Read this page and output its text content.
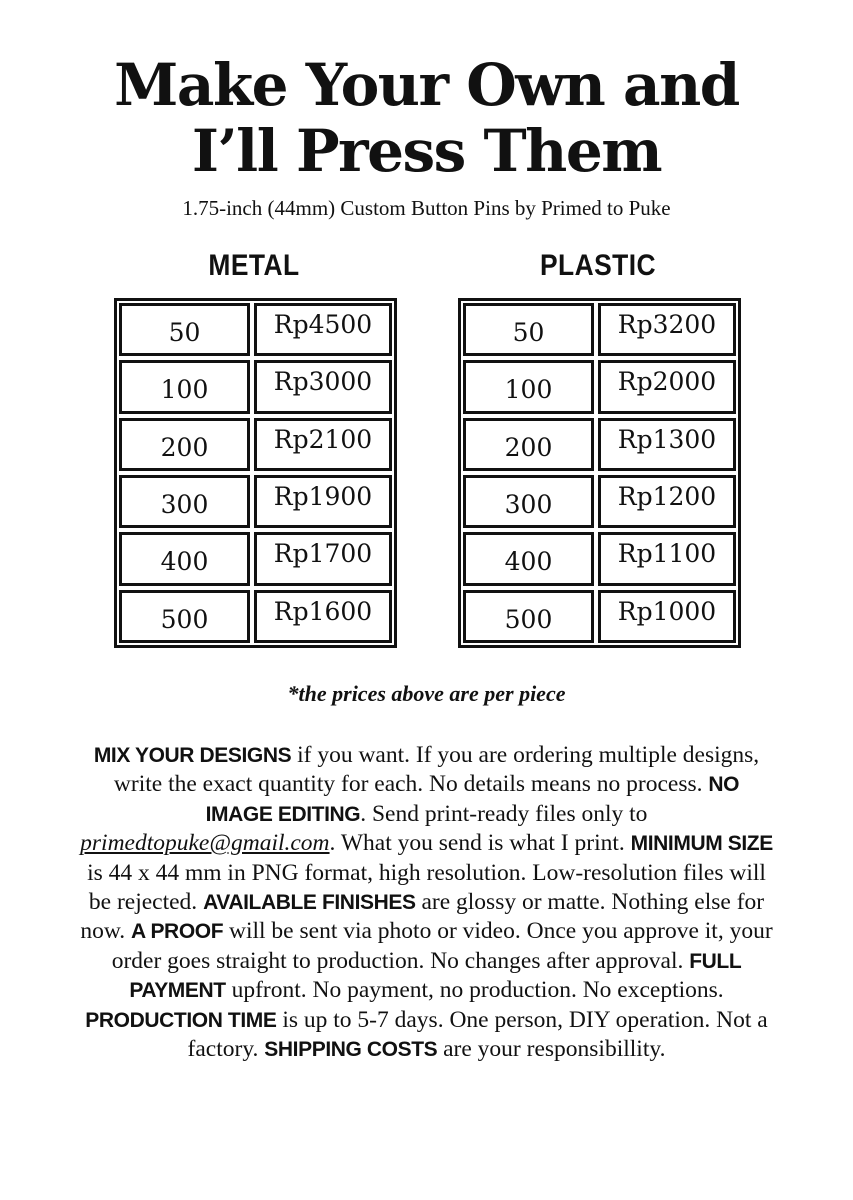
Make Your Own and
I’ll Press Them
1.75-inch (44mm) Custom Button Pins by Primed to Puke
METAL
50	Rp4500
100	Rp3000
200	Rp2100
300	Rp1900
400	Rp1700
500	Rp1600
PLASTIC
50	Rp3200
100	Rp2000
200	Rp1300
300	Rp1200
400	Rp1100
500	Rp1000
*the prices above are per piece
MIX YOUR DESIGNS if you want. If you are ordering multiple designs, write the exact quantity for each. No details means no process. NO IMAGE EDITING. Send print-ready files only to primedtopuke@gmail.com. What you send is what I print. MINIMUM SIZE is 44 x 44 mm in PNG format, high resolution. Low-resolution files will be rejected. AVAILABLE FINISHES are glossy or matte. Nothing else for now. A PROOF will be sent via photo or video. Once you approve it, your order goes straight to production. No changes after approval. FULL PAYMENT upfront. No payment, no production. No exceptions. PRODUCTION TIME is up to 5-7 days. One person, DIY operation. Not a factory. SHIPPING COSTS are your responsibillity.
